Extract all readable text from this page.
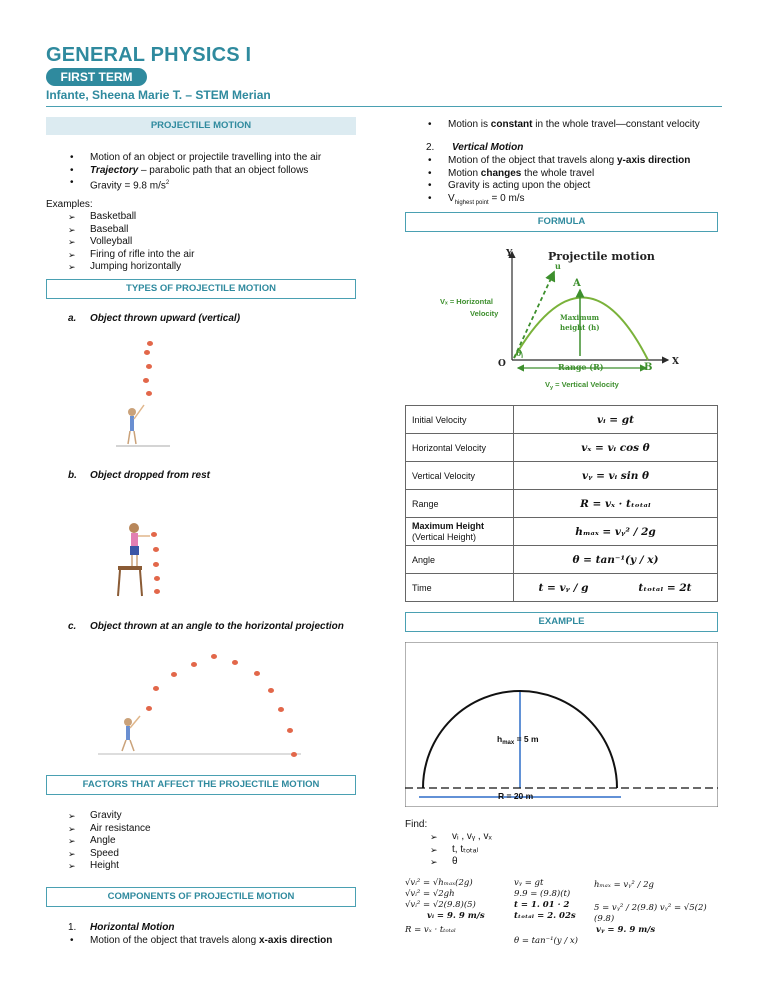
GENERAL PHYSICS I
FIRST TERM
Infante, Sheena Marie T. – STEM Merian
PROJECTILE MOTION
• Motion of an object or projectile travelling into the air
• Trajectory – parabolic path that an object follows
• Gravity = 9.8 $m/s^2$
Examples:
➢ Basketball
➢ Baseball
➢ Volleyball
➢ Firing of rifle into the air
➢ Jumping horizontally
TYPES OF PROJECTILE MOTION
a. Object thrown upward (vertical)
b. Object dropped from rest
c. Object thrown at an angle to the horizontal projection
FACTORS THAT AFFECT THE PROJECTILE MOTION
➢ Gravity
➢ Air resistance
➢ Angle
➢ Speed
➢ Height
COMPONENTS OF PROJECTILE MOTION
1. Horizontal Motion
• Motion of the object that travels along x-axis direction
• Motion is constant in the whole travel—constant velocity
2. Vertical Motion
• Motion of the object that travels along y-axis direction
• Motion changes the whole travel
• Gravity is acting upon the object
• $V_{highest point} = 0$ m/s
FORMULA
Projectile motion
Y
X
O
u
A
B
θ
Vₓ = Horizontal
Velocity	Maximum
height (h)
Range (R)
$V_y$ = Vertical Velocity
Initial Velocity	vᵢ = gt	
Horizontal Velocity	vₓ = vᵢ cos θ	
Vertical Velocity	vᵧ = vᵢ sin θ	
Range	R = vₓ · tₜₒₜₐₗ	
Maximum Height
(Vertical Height)	hₘₐₓ = vᵧ² / 2g	
Angle	θ = tan⁻¹(y / x)	
Time	t = vᵧ / g	tₜₒₜₐₗ = 2t
EXAMPLE
$h_{max} = 5$ m
R = 20 m
Find:
➢ vᵢ , vᵧ , vₓ
➢ t, tₜₒₜₐₗ
➢ θ
√vᵢ² = √hₘₐₓ(2g)
√vᵢ² = √2gh
√vᵢ² = √2(9.8)(5)
vᵢ = 9. 9 m/s
R = vₓ · tₜₒₜₐₗ
vᵧ = gt
9.9 = (9.8)(t)
t = 1. 01 · 2
tₜₒₜₐₗ = 2. 02s
θ = tan⁻¹(y / x)
hₘₐₓ = vᵧ² / 2g
5 = vᵧ² / 2(9.8) vᵧ² = √5(2)(9.8)
vᵧ = 9. 9 m/s
